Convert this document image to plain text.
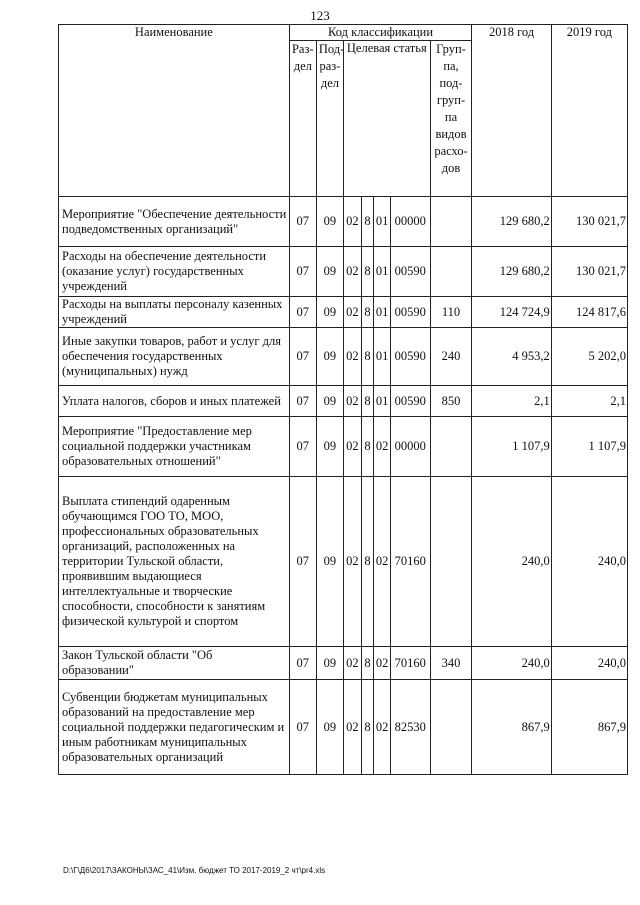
123
Наименование	Код классификации							2018 год	2019 год
	Раз-дел	Под-раз-дел	Целевая статья				Груп-па, под-груп-па видов расхо-дов		
Мероприятие "Обеспечение деятельности подведомственных организаций"	07	09	02	8	01	00000		129 680,2	130 021,7
Расходы на обеспечение деятельности (оказание услуг) государственных учреждений	07	09	02	8	01	00590		129 680,2	130 021,7
Расходы на выплаты персоналу казенных учреждений	07	09	02	8	01	00590	110	124 724,9	124 817,6
Иные закупки товаров, работ и услуг для обеспечения государственных (муниципальных) нужд	07	09	02	8	01	00590	240	4 953,2	5 202,0
Уплата налогов, сборов и иных платежей	07	09	02	8	01	00590	850	2,1	2,1
Мероприятие "Предоставление мер социальной поддержки участникам образовательных отношений"	07	09	02	8	02	00000		1 107,9	1 107,9
Выплата стипендий одаренным обучающимся ГОО ТО, МОО, профессиональных образовательных организаций, расположенных на территории Тульской области, проявившим выдающиеся интеллектуальные и творческие способности, способности к занятиям физической культурой и спортом	07	09	02	8	02	70160		240,0	240,0
Закон Тульской области "Об образовании"	07	09	02	8	02	70160	340	240,0	240,0
Субвенции бюджетам муниципальных образований на предоставление мер социальной поддержки педагогическим и иным работникам муниципальных образовательных организаций	07	09	02	8	02	82530		867,9	867,9
D:\Г\Д6\2017\ЗАКОНЫ\ЗАС_41\Изм. бюджет ТО 2017-2019_2 чт\pr4.xls
